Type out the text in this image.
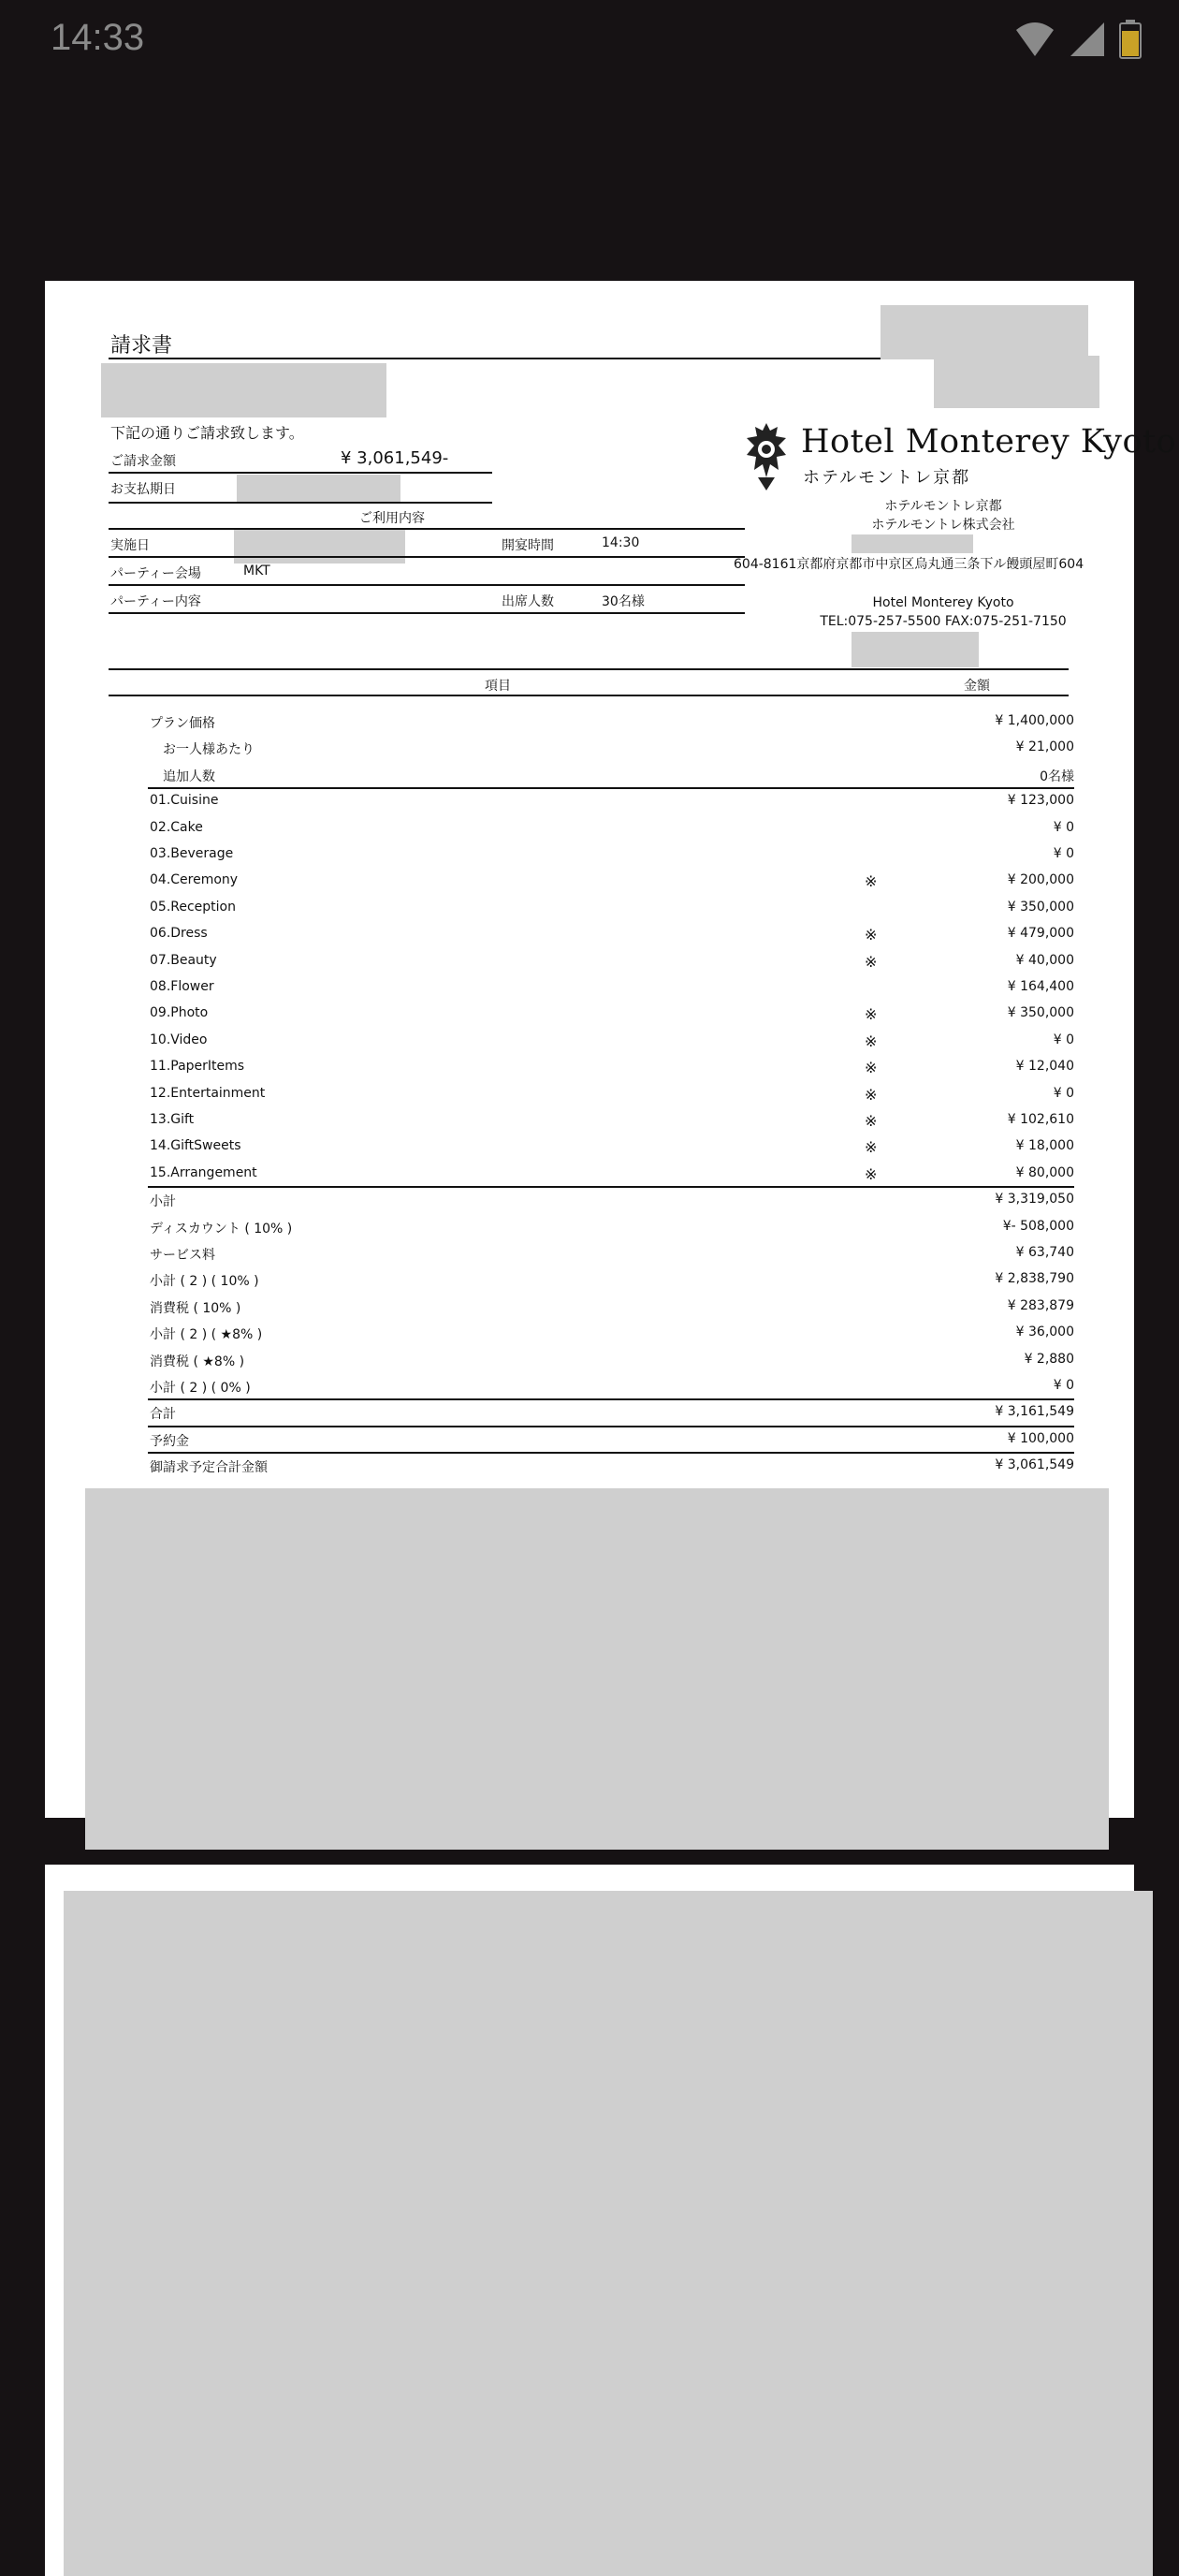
14:33
請求書
下記の通りご請求致します。
ご請求金額	¥ 3,061,549-
お支払期日
ご利用内容
実施日	開宴時間	14:30
パーティー会場	MKT
パーティー内容	出席人数	30名様
Hotel Monterey Kyoto
ホテルモントレ京都
ホテルモントレ京都
ホテルモントレ株式会社
604-8161京都府京都市中京区烏丸通三条下ル饅頭屋町604
Hotel Monterey Kyoto
TEL:075-257-5500 FAX:075-251-7150
項目	金額
プラン価格	¥ 1,400,000
お一人様あたり	¥ 21,000
追加人数	0名様
01.Cuisine	¥ 123,000
02.Cake	¥ 0
03.Beverage	¥ 0
04.Ceremony	※	¥ 200,000
05.Reception	¥ 350,000
06.Dress	※	¥ 479,000
07.Beauty	※	¥ 40,000
08.Flower	¥ 164,400
09.Photo	※	¥ 350,000
10.Video	※	¥ 0
11.PaperItems	※	¥ 12,040
12.Entertainment	※	¥ 0
13.Gift	※	¥ 102,610
14.GiftSweets	※	¥ 18,000
15.Arrangement	※	¥ 80,000
小計	¥ 3,319,050
ディスカウント ( 10% )	¥- 508,000
サービス料	¥ 63,740
小計 ( 2 ) ( 10% )	¥ 2,838,790
消費税 ( 10% )	¥ 283,879
小計 ( 2 ) ( ★8% )	¥ 36,000
消費税 ( ★8% )	¥ 2,880
小計 ( 2 ) ( 0% )	¥ 0
合計	¥ 3,161,549
予約金	¥ 100,000
御請求予定合計金額	¥ 3,061,549
